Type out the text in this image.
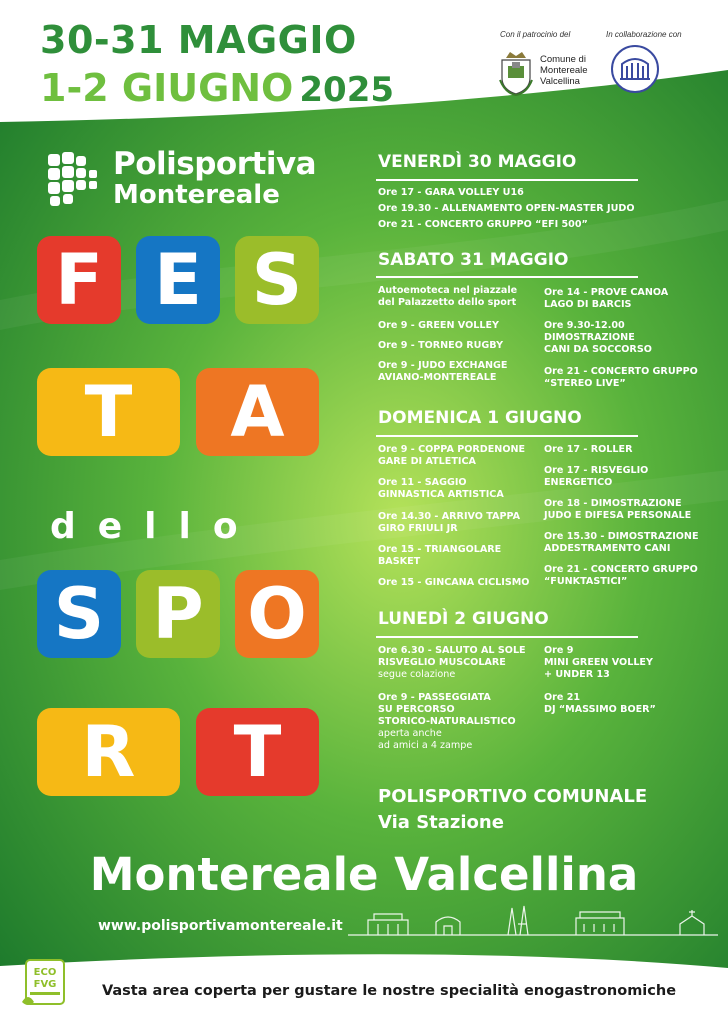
30-31 MAGGIO
1-2 GIUGNO 2025
Con il patrocinio del
Comune di
Montereale
Valcellina
In collaborazione con
Polisportiva
Montereale
F E S
T	A
dello
S P O
R	T
VENERDÌ 30 MAGGIO
Ore 17 - GARA VOLLEY U16
Ore 19.30 - ALLENAMENTO OPEN-MASTER JUDO
Ore 21 - CONCERTO GRUPPO “EFI 500”
SABATO 31 MAGGIO
Autoemoteca nel piazzale
del Palazzetto dello sport
Ore 9 - GREEN VOLLEY
Ore 9 - TORNEO RUGBY
Ore 9 - JUDO EXCHANGE
AVIANO-MONTEREALE
Ore 14 - PROVE CANOA
LAGO DI BARCIS
Ore 9.30-12.00
DIMOSTRAZIONE
CANI DA SOCCORSO
Ore 21 - CONCERTO GRUPPO
“STEREO LIVE”
DOMENICA 1 GIUGNO
Ore 9 - COPPA PORDENONE
GARE DI ATLETICA
Ore 11 - SAGGIO
GINNASTICA ARTISTICA
Ore 14.30 - ARRIVO TAPPA
GIRO FRIULI JR
Ore 15 - TRIANGOLARE
BASKET
Ore 15 - GINCANA CICLISMO
Ore 17 - ROLLER
Ore 17 - RISVEGLIO
ENERGETICO
Ore 18 - DIMOSTRAZIONE
JUDO E DIFESA PERSONALE
Ore 15.30 - DIMOSTRAZIONE
ADDESTRAMENTO CANI
Ore 21 - CONCERTO GRUPPO
“FUNKTASTICI”
LUNEDÌ 2 GIUGNO
Ore 6.30 - SALUTO AL SOLE
RISVEGLIO MUSCOLARE
segue colazione
Ore 9 - PASSEGGIATA
SU PERCORSO
STORICO-NATURALISTICO
aperta anche
ad amici a 4 zampe
Ore 9
MINI GREEN VOLLEY
+ UNDER 13
Ore 21
DJ “MASSIMO BOER”
POLISPORTIVO COMUNALE
Via Stazione
Montereale Valcellina
www.polisportivamontereale.it
ECO
FVG	Vasta area coperta per gustare le nostre specialità enogastronomiche
